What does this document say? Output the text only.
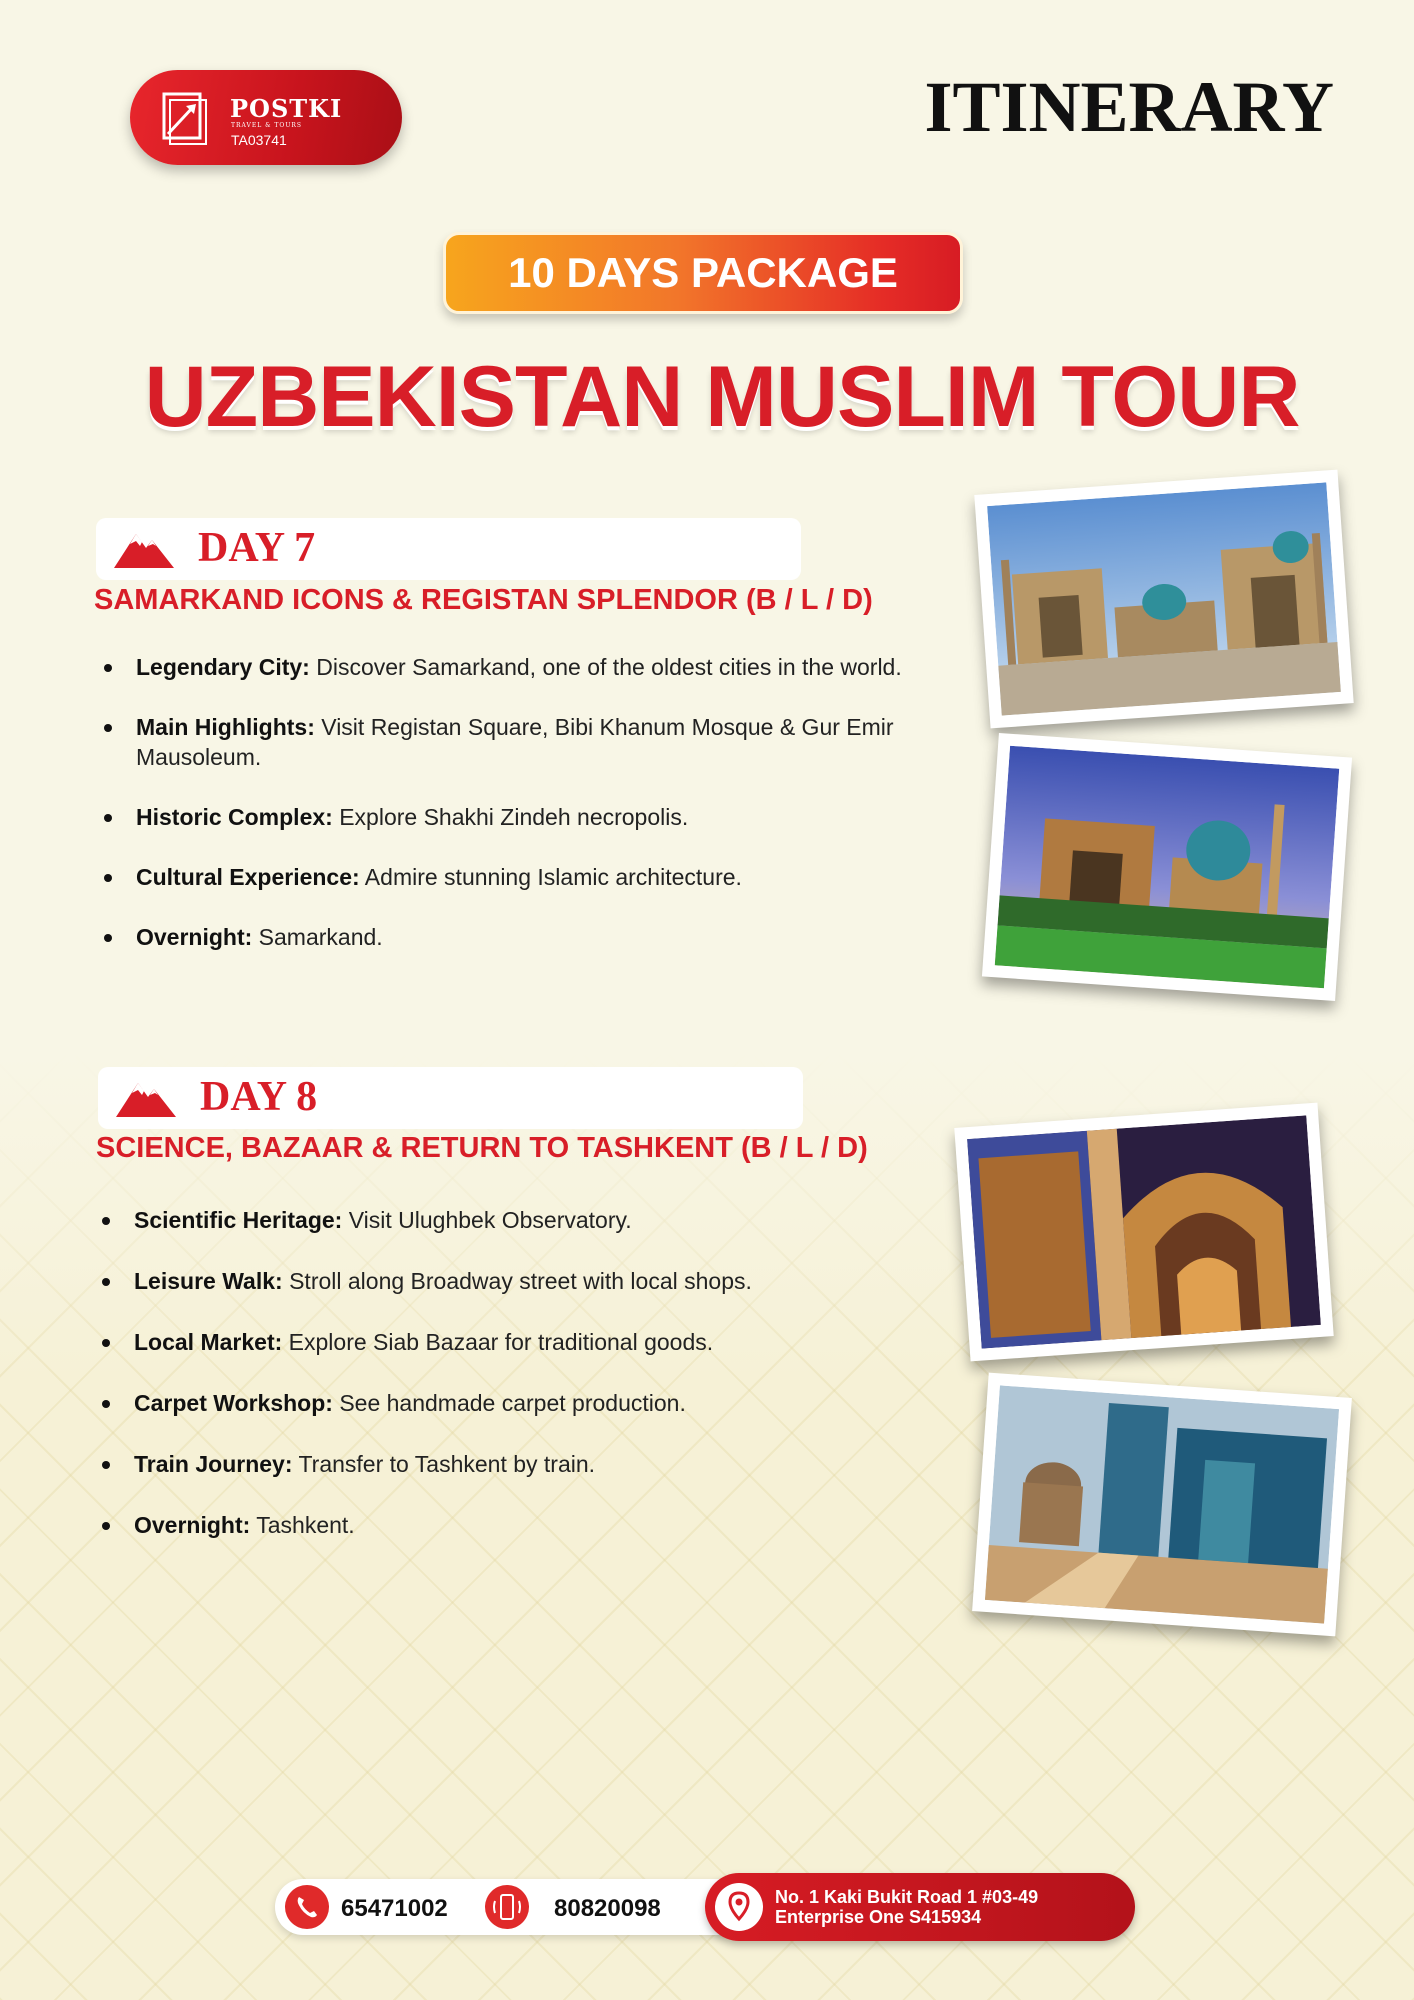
POSTKI
TRAVEL & TOURS
TA03741	ITINERARY
10 DAYS PACKAGE
UZBEKISTAN MUSLIM TOUR
DAY 7
SAMARKAND ICONS & REGISTAN SPLENDOR (B / L / D)
Legendary City: Discover Samarkand, one of the oldest cities in the world.
Main Highlights: Visit Registan Square, Bibi Khanum Mosque & Gur Emir Mausoleum.
Historic Complex: Explore Shakhi Zindeh necropolis.
Cultural Experience: Admire stunning Islamic architecture.
Overnight: Samarkand.
DAY 8
SCIENCE, BAZAAR & RETURN TO TASHKENT (B / L / D)
Scientific Heritage: Visit Ulughbek Observatory.
Leisure Walk: Stroll along Broadway street with local shops.
Local Market: Explore Siab Bazaar for traditional goods.
Carpet Workshop: See handmade carpet production.
Train Journey: Transfer to Tashkent by train.
Overnight: Tashkent.
65471002	80820098	No. 1 Kaki Bukit Road 1 #03-49
Enterprise One S415934
